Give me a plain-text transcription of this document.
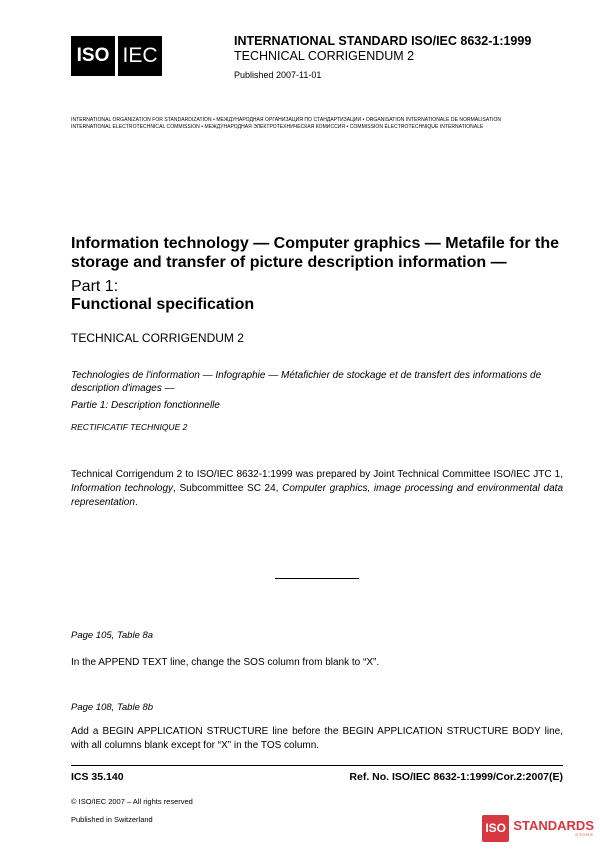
ISO IEC
INTERNATIONAL STANDARD ISO/IEC 8632-1:1999
TECHNICAL CORRIGENDUM 2
Published 2007-11-01
INTERNATIONAL ORGANIZATION FOR STANDARDIZATION • МЕЖДУНАРОДНАЯ ОРГАНИЗАЦИЯ ПО СТАНДАРТИЗАЦИИ • ORGANISATION INTERNATIONALE DE NORMALISATION
INTERNATIONAL ELECTROTECHNICAL COMMISSION • МЕЖДУНАРОДНАЯ ЭЛЕКТРОТЕХНИЧЕСКАЯ КОМИССИЯ • COMMISSION ÉLECTROTECHNIQUE INTERNATIONALE
Information technology — Computer graphics — Metafile for the storage and transfer of picture description information —
Part 1:
Functional specification
TECHNICAL CORRIGENDUM 2
Technologies de l'information — Infographie — Métafichier de stockage et de transfert des informations de description d'images —
Partie 1: Description fonctionnelle
RECTIFICATIF TECHNIQUE 2
Technical Corrigendum 2 to ISO/IEC 8632-1:1999 was prepared by Joint Technical Committee ISO/IEC JTC 1, Information technology, Subcommittee SC 24, Computer graphics, image processing and environmental data representation.
Page 105, Table 8a
In the APPEND TEXT line, change the SOS column from blank to “X”.
Page 108, Table 8b
Add a BEGIN APPLICATION STRUCTURE line before the BEGIN APPLICATION STRUCTURE BODY line, with all columns blank except for “X” in the TOS column.
ICS 35.140	Ref. No. ISO/IEC 8632-1:1999/Cor.2:2007(E)
© ISO/IEC 2007 – All rights reserved
Published in Switzerland
ISO STANDARDS
STORE
